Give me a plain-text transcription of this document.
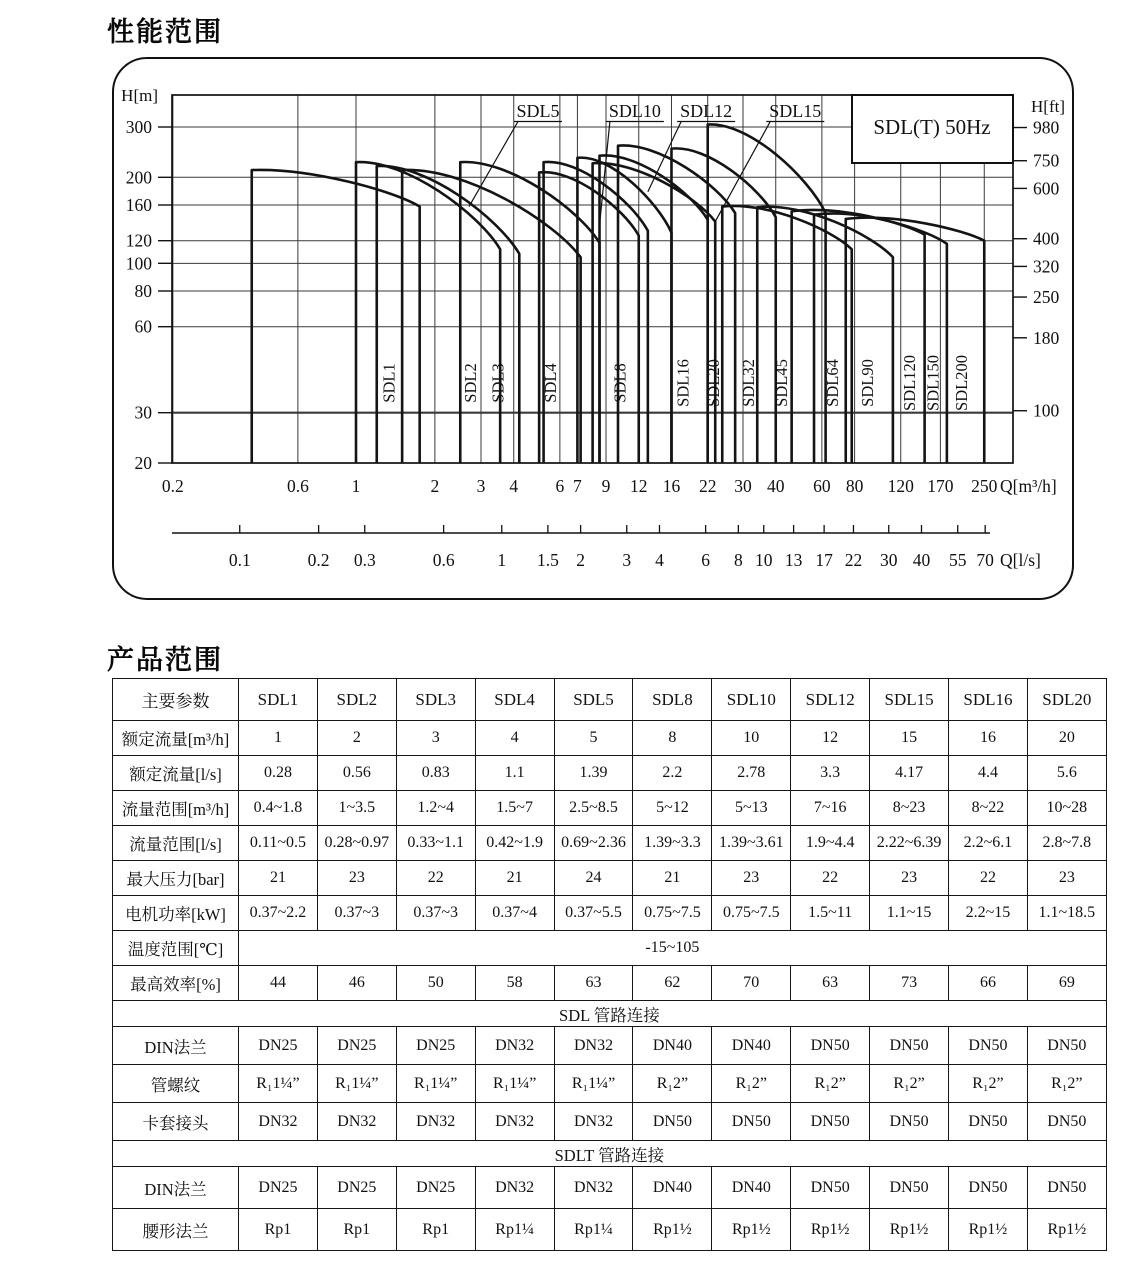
性能范围
H[m]
300
200
160
120
100
80
60
30
20
H[ft]
980
750
600
400
320
250
180
100
SDL(T) 50Hz
SDL1	SDL2 SDL3 SDL4
SDL5
SDL8
SDL10 SDL12 SDL15
SDL16 SDL20 SDL32 SDL45 SDL64 SDL90 SDL120 SDL150 SDL200
0.2	0.6 1	2 3 4 6 7 9 12 16 22 30 40 60 80 120 170 250 Q[m³/h]
0.1	0.2 0.3	0.6 1 1.5 2 3 4 6 8 10 13 17 22 30 40 55 70 Q[l/s]
产品范围
主要参数	SDL1	SDL2	SDL3	SDL4	SDL5	SDL8	SDL10	SDL12	SDL15	SDL16	SDL20
额定流量[m³/h]	1	2	3	4	5	8	10	12	15	16	20
额定流量[l/s]	0.28	0.56	0.83	1.1	1.39	2.2	2.78	3.3	4.17	4.4	5.6
流量范围[m³/h]	0.4~1.8	1~3.5	1.2~4	1.5~7	2.5~8.5	5~12	5~13	7~16	8~23	8~22	10~28
流量范围[l/s]	0.11~0.5	0.28~0.97	0.33~1.1	0.42~1.9	0.69~2.36	1.39~3.3	1.39~3.61	1.9~4.4	2.22~6.39	2.2~6.1	2.8~7.8
最大压力[bar]	21	23	22	21	24	21	23	22	23	22	23
电机功率[kW]	0.37~2.2	0.37~3	0.37~3	0.37~4	0.37~5.5	0.75~7.5	0.75~7.5	1.5~11	1.1~15	2.2~15	1.1~18.5
温度范围[℃]	-15~105										
最高效率[%]	44	46	50	58	63	62	70	63	73	66	69
SDL 管路连接											
DIN法兰	DN25	DN25	DN25	DN32	DN32	DN40	DN40	DN50	DN50	DN50	DN50
管螺纹	R₁1¼”	R₁1¼”	R₁1¼”	R₁1¼”	R₁1¼”	R₁2”	R₁2”	R₁2”	R₁2”	R₁2”	R₁2”
卡套接头	DN32	DN32	DN32	DN32	DN32	DN50	DN50	DN50	DN50	DN50	DN50
SDLT 管路连接											
DIN法兰	DN25	DN25	DN25	DN32	DN32	DN40	DN40	DN50	DN50	DN50	DN50
腰形法兰	Rp1	Rp1	Rp1	Rp1¼	Rp1¼	Rp1½	Rp1½	Rp1½	Rp1½	Rp1½	Rp1½
